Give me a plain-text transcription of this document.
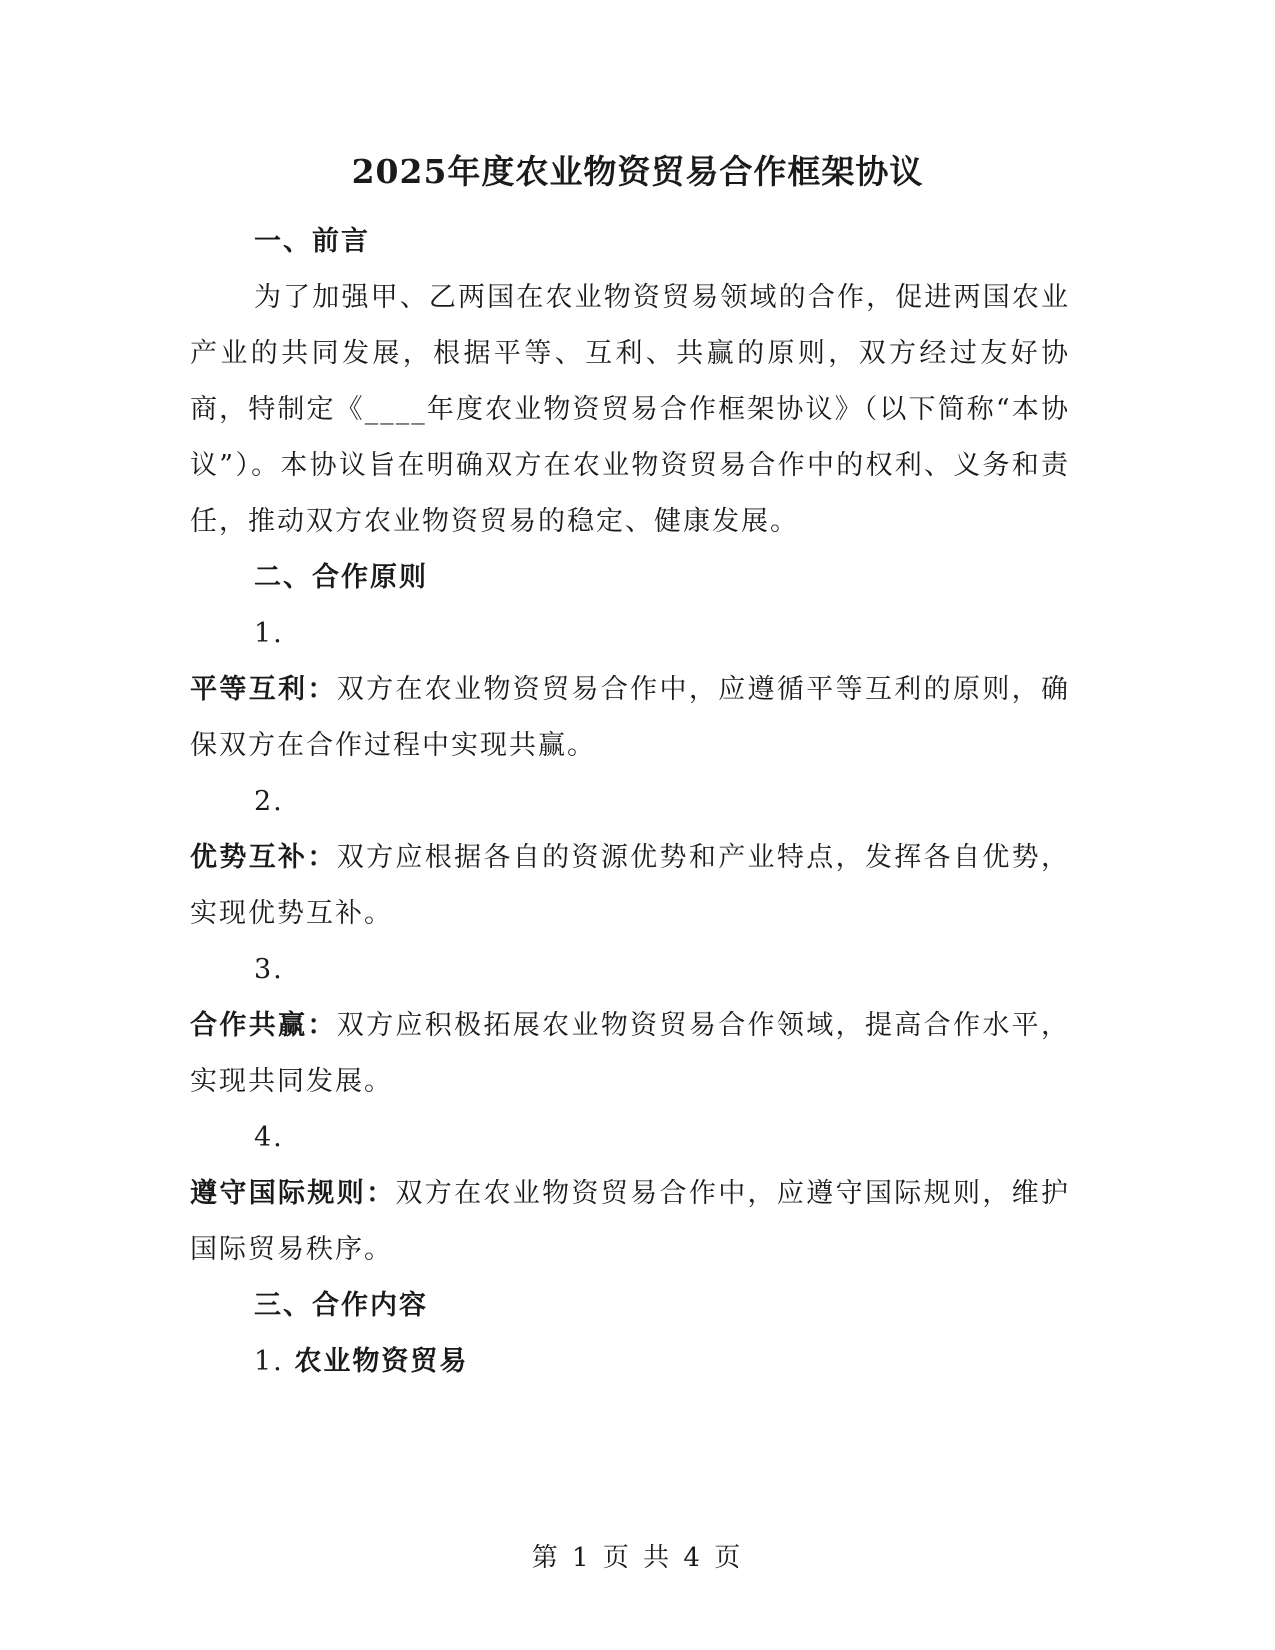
2025年度农业物资贸易合作框架协议

一、前言

为了加强甲、乙两国在农业物资贸易领域的合作，促进两国农业产业的共同发展，根据平等、互利、共赢的原则，双方经过友好协商，特制定《____年度农业物资贸易合作框架协议》（以下简称“本协议”）。本协议旨在明确双方在农业物资贸易合作中的权利、义务和责任，推动双方农业物资贸易的稳定、健康发展。

二、合作原则

1.

平等互利：双方在农业物资贸易合作中，应遵循平等互利的原则，确保双方在合作过程中实现共赢。

2.

优势互补：双方应根据各自的资源优势和产业特点，发挥各自优势，实现优势互补。

3.

合作共赢：双方应积极拓展农业物资贸易合作领域，提高合作水平，实现共同发展。

4.

遵守国际规则：双方在农业物资贸易合作中，应遵守国际规则，维护国际贸易秩序。

三、合作内容

1. 农业物资贸易

第 1 页 共 4 页
